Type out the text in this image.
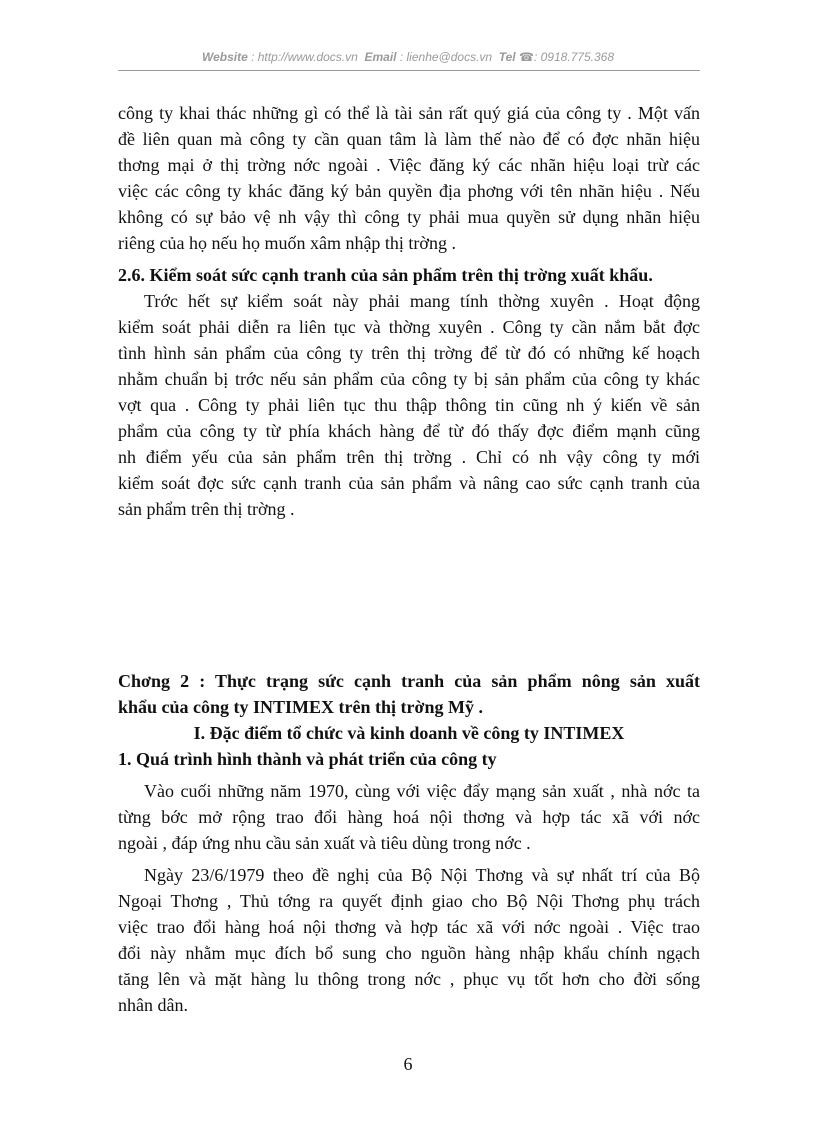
Website : http://www.docs.vn Email : lienhe@docs.vn Tel ☎: 0918.775.368
công ty khai thác những gì có thể là tài sản rất quý giá của công ty . Một vấn
đề liên quan mà công ty cần quan tâm là làm thế nào để có đợc nhãn hiệu
thơng mại ở thị trờng nớc ngoài . Việc đăng ký các nhãn hiệu loại trừ các
việc các công ty khác đăng ký bản quyền địa phơng với tên nhãn hiệu . Nếu
không có sự bảo vệ nh vậy thì công ty phải mua quyền sử dụng nhãn hiệu
riêng của họ nếu họ muốn xâm nhập thị trờng .
2.6. Kiểm soát sức cạnh tranh của sản phẩm trên thị trờng xuất khẩu.
Trớc hết sự kiểm soát này phải mang tính thờng xuyên . Hoạt động
kiểm soát phải diễn ra liên tục và thờng xuyên . Công ty cần nắm bắt đợc
tình hình sản phẩm của công ty trên thị trờng để từ đó có những kế hoạch
nhằm chuẩn bị trớc nếu sản phẩm của công ty bị sản phẩm của công ty khác
vợt qua . Công ty phải liên tục thu thập thông tin cũng nh ý kiến về sản
phẩm của công ty từ phía khách hàng để từ đó thấy đợc điểm mạnh cũng
nh điểm yếu của sản phẩm trên thị trờng . Chỉ có nh vậy công ty mới
kiểm soát đợc sức cạnh tranh của sản phẩm và nâng cao sức cạnh tranh của
sản phẩm trên thị trờng .
Chơng 2 : Thực trạng sức cạnh tranh của sản phẩm nông sản xuất
khẩu của công ty INTIMEX trên thị trờng Mỹ .
I. Đặc điểm tổ chức và kinh doanh về công ty INTIMEX
1. Quá trình hình thành và phát triển của công ty
Vào cuối những năm 1970, cùng với việc đẩy mạng sản xuất , nhà nớc ta
từng bớc mở rộng trao đổi hàng hoá nội thơng và hợp tác xã với nớc
ngoài , đáp ứng nhu cầu sản xuất và tiêu dùng trong nớc .
Ngày 23/6/1979 theo đề nghị của Bộ Nội Thơng và sự nhất trí của Bộ
Ngoại Thơng , Thủ tớng ra quyết định giao cho Bộ Nội Thơng phụ trách
việc trao đổi hàng hoá nội thơng và hợp tác xã với nớc ngoài . Việc trao
đổi này nhằm mục đích bổ sung cho nguồn hàng nhập khẩu chính ngạch
tăng lên và mặt hàng lu thông trong nớc , phục vụ tốt hơn cho đời sống
nhân dân.
6
